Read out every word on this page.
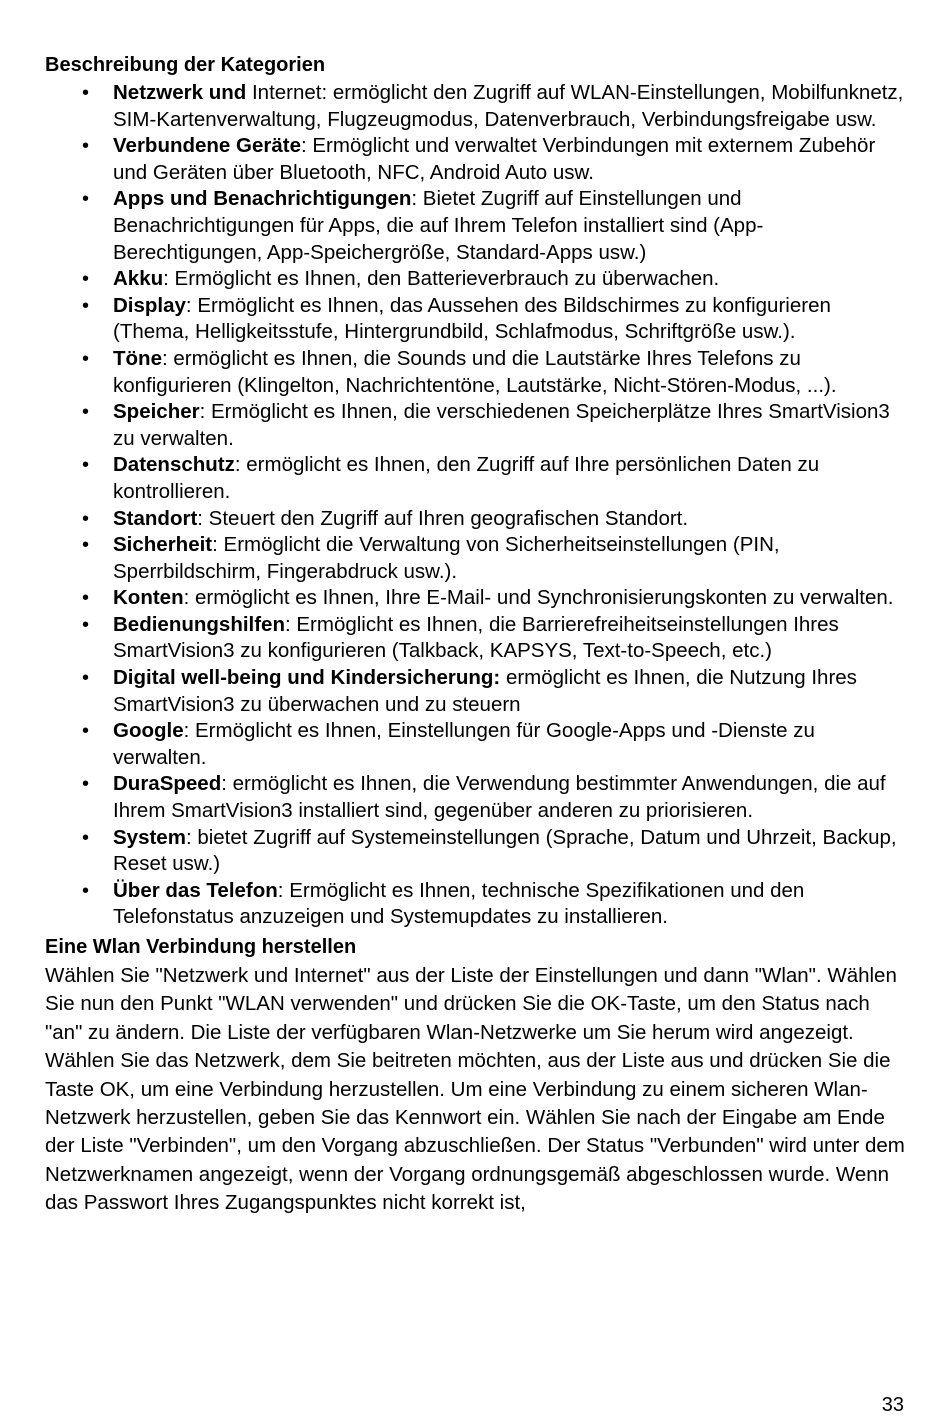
Beschreibung der Kategorien
• Netzwerk und Internet: ermöglicht den Zugriff auf WLAN-Einstellungen, Mobilfunknetz, SIM-Kartenverwaltung, Flugzeugmodus, Datenverbrauch, Verbindungsfreigabe usw.
• Verbundene Geräte: Ermöglicht und verwaltet Verbindungen mit externem Zubehör und Geräten über Bluetooth, NFC, Android Auto usw.
• Apps und Benachrichtigungen: Bietet Zugriff auf Einstellungen und Benachrichtigungen für Apps, die auf Ihrem Telefon installiert sind (App-Berechtigungen, App-Speichergröße, Standard-Apps usw.)
• Akku: Ermöglicht es Ihnen, den Batterieverbrauch zu überwachen.
• Display: Ermöglicht es Ihnen, das Aussehen des Bildschirmes zu konfigurieren (Thema, Helligkeitsstufe, Hintergrundbild, Schlafmodus, Schriftgröße usw.).
• Töne: ermöglicht es Ihnen, die Sounds und die Lautstärke Ihres Telefons zu konfigurieren (Klingelton, Nachrichtentöne, Lautstärke, Nicht-Stören-Modus, ...).
• Speicher: Ermöglicht es Ihnen, die verschiedenen Speicherplätze Ihres SmartVision3 zu verwalten.
• Datenschutz: ermöglicht es Ihnen, den Zugriff auf Ihre persönlichen Daten zu kontrollieren.
• Standort: Steuert den Zugriff auf Ihren geografischen Standort.
• Sicherheit: Ermöglicht die Verwaltung von Sicherheitseinstellungen (PIN, Sperrbildschirm, Fingerabdruck usw.).
• Konten: ermöglicht es Ihnen, Ihre E-Mail- und Synchronisierungskonten zu verwalten.
• Bedienungshilfen: Ermöglicht es Ihnen, die Barrierefreiheitseinstellungen Ihres SmartVision3 zu konfigurieren (Talkback, KAPSYS, Text-to-Speech, etc.)
• Digital well-being und Kindersicherung: ermöglicht es Ihnen, die Nutzung Ihres SmartVision3 zu überwachen und zu steuern
• Google: Ermöglicht es Ihnen, Einstellungen für Google-Apps und -Dienste zu verwalten.
• DuraSpeed: ermöglicht es Ihnen, die Verwendung bestimmter Anwendungen, die auf Ihrem SmartVision3 installiert sind, gegenüber anderen zu priorisieren.
• System: bietet Zugriff auf Systemeinstellungen (Sprache, Datum und Uhrzeit, Backup, Reset usw.)
• Über das Telefon: Ermöglicht es Ihnen, technische Spezifikationen und den Telefonstatus anzuzeigen und Systemupdates zu installieren.
Eine Wlan Verbindung herstellen

Wählen Sie "Netzwerk und Internet" aus der Liste der Einstellungen und dann "Wlan". Wählen Sie nun den Punkt "WLAN verwenden" und drücken Sie die OK-Taste, um den Status nach "an" zu ändern. Die Liste der verfügbaren Wlan-Netzwerke um Sie herum wird angezeigt. Wählen Sie das Netzwerk, dem Sie beitreten möchten, aus der Liste aus und drücken Sie die Taste OK, um eine Verbindung herzustellen. Um eine Verbindung zu einem sicheren Wlan-Netzwerk herzustellen, geben Sie das Kennwort ein. Wählen Sie nach der Eingabe am Ende der Liste "Verbinden", um den Vorgang abzuschließen. Der Status "Verbunden" wird unter dem Netzwerknamen angezeigt, wenn der Vorgang ordnungsgemäß abgeschlossen wurde. Wenn das Passwort Ihres Zugangspunktes nicht korrekt ist,

33
